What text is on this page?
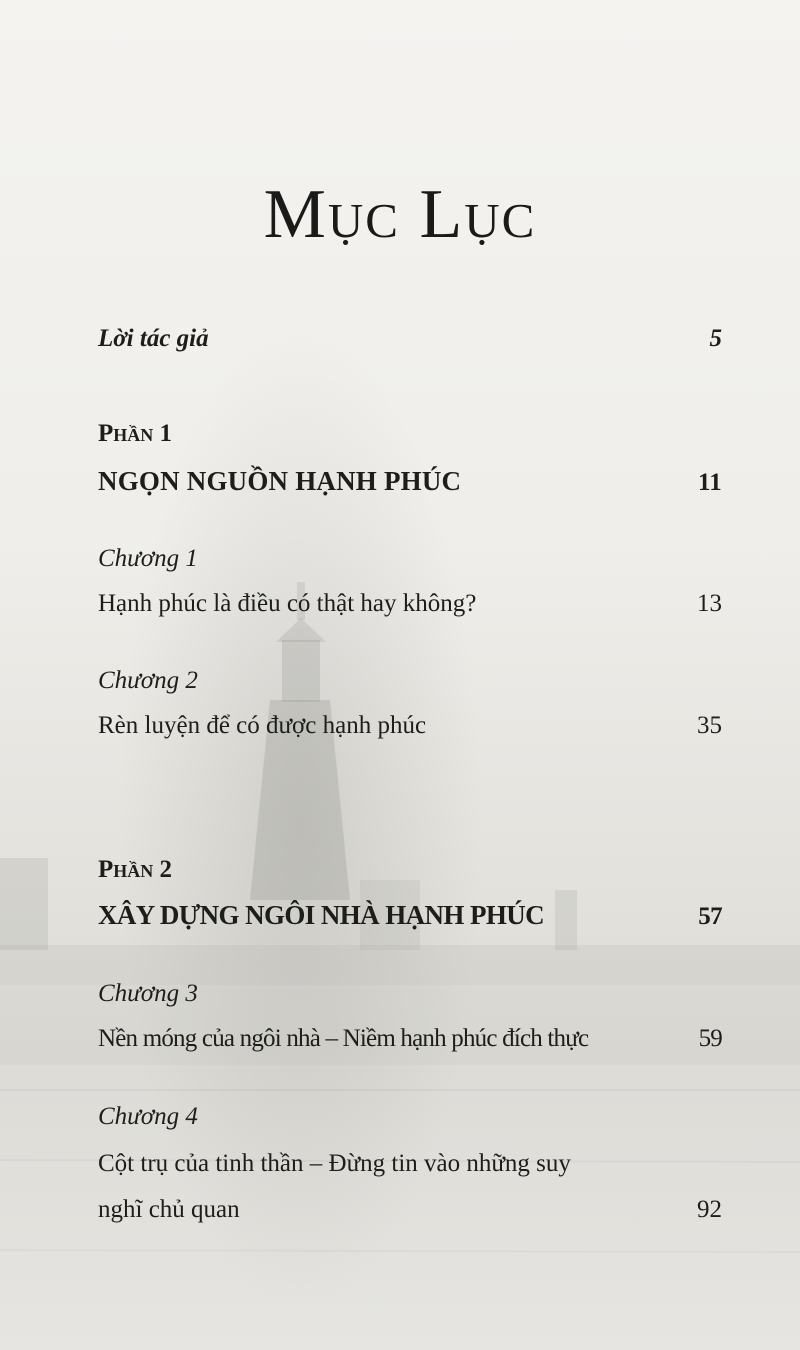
Mục Lục
Lời tác giả	5
Phần 1
NGỌN NGUỒN HẠNH PHÚC	11
Chương 1
Hạnh phúc là điều có thật hay không?	13
Chương 2
Rèn luyện để có được hạnh phúc	35
Phần 2
XÂY DỰNG NGÔI NHÀ HẠNH PHÚC	57
Chương 3
Nền móng của ngôi nhà – Niềm hạnh phúc đích thực	59
Chương 4
Cột trụ của tinh thần – Đừng tin vào những suy
nghĩ chủ quan	92
